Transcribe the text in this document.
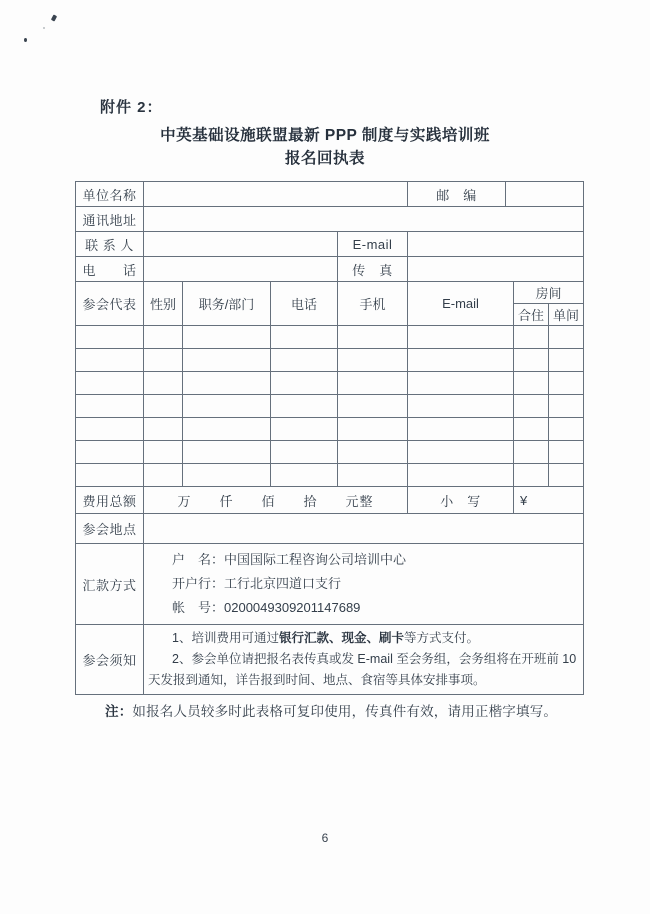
附件 2：
中英基础设施联盟最新 PPP 制度与实践培训班
报名回执表
单位名称					邮　编			
通讯地址								
联 系 人				E-mail				
电　　话				传　真				
参会代表	性别	职务/部门	电话	手机	E-mail		房间	
							合住	单间

费用总额	万　　仟　　佰　　拾　　元整				小　写		¥	
参会地点								
汇款方式	户　名：中国国际工程咨询公司培训中心
开户行：工行北京四道口支行
帐　号：0200049309201147689							

参会须知	1、培训费用可通过银行汇款、现金、刷卡等方式支付。
2、参会单位请把报名表传真或发 E-mail 至会务组，会务组将在开班前 10
天发报到通知，详告报到时间、地点、食宿等具体安排事项。							
注：如报名人员较多时此表格可复印使用，传真件有效，请用正楷字填写。
6
